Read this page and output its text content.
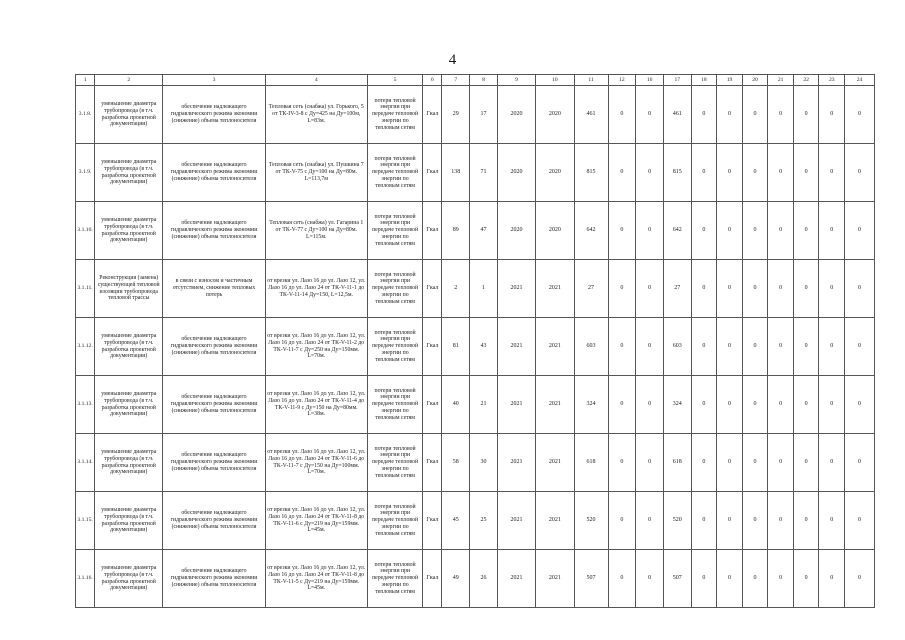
4
1	2	3	4	5	6	7	8	9	10	11	12	16	17	18	19	20	21	22	23	24
3.1.8.	уменьшение диаметра трубопровода (в т.ч. разработка проектной документации)	обеспечение надлежащего гидравлического режима экономии (снижение) объема теплоносителя	Тепловая сеть (снабжа) ул. Горького, 5 от ТК-IV-3-8 с Ду=425 на Ду=100м, L=83м.	потери тепловой энергии при передаче тепловой энергии по тепловым сетям	Гкал	29	17	2020	2020	461	0	0	461	0	0	0	0	0	0	0
3.1.9.	уменьшение диаметра трубопровода (в т.ч. разработка проектной документации)	обеспечение надлежащего гидравлического режима экономии (снижение) объема теплоносителя	Тепловая сеть (снабжа) ул. Пушкина 7 от ТК-V-75 с Ду=100 на Ду=80м. L=113,7м	потери тепловой энергии при передаче тепловой энергии по тепловым сетям	Гкал	138	71	2020	2020	815	0	0	815	0	0	0	0	0	0	0
3.1.10.	уменьшение диаметра трубопровода (в т.ч. разработка проектной документации)	обеспечение надлежащего гидравлического режима экономии (снижение) объема теплоносителя	Тепловая сеть (снабжа) ул. Гагарина 1 от ТК-V-77 с Ду=100 на Ду=80м. L=115м.	потери тепловой энергии при передаче тепловой энергии по тепловым сетям	Гкал	89	47	2020	2020	642	0	0	642	0	0	0	0	0	0	0
3.1.11.	Реконструкция (замена) существующей тепловой изоляции трубопровода тепловой трассы	в связи с износом и частичным отсутствием, снижение тепловых потерь	от врезки ул. Лазо 16 до ул. Лазо 12, ул. Лазо 16 до ул. Лазо 24 от ТК-V-11-1 до ТК-V-11-14 Ду=150, L=12,5м.	потери тепловой энергии при передаче тепловой энергии по тепловым сетям	Гкал	2	1	2021	2021	27	0	0	27	0	0	0	0	0	0	0
3.1.12.	уменьшение диаметра трубопровода (в т.ч. разработка проектной документации)	обеспечение надлежащего гидравлического режима экономии (снижение) объема теплоносителя	от врезки ул. Лазо 16 до ул. Лазо 12, ул. Лазо 16 до ул. Лазо 24 от ТК-V-11-2 до ТК-V-11-7 с Ду=250 на Ду=150мм. L=70м.	потери тепловой энергии при передаче тепловой энергии по тепловым сетям	Гкал	81	43	2021	2021	603	0	0	603	0	0	0	0	0	0	0
3.1.13.	уменьшение диаметра трубопровода (в т.ч. разработка проектной документации)	обеспечение надлежащего гидравлического режима экономии (снижение) объема теплоносителя	от врезки ул. Лазо 16 до ул. Лазо 12, ул. Лазо 16 до ул. Лазо 24 от ТК-V-11-4 до ТК-V-11-9 с Ду=150 на Ду=80мм. L=38м.	потери тепловой энергии при передаче тепловой энергии по тепловым сетям	Гкал	40	21	2021	2021	324	0	0	324	0	0	0	0	0	0	0
3.1.14.	уменьшение диаметра трубопровода (в т.ч. разработка проектной документации)	обеспечение надлежащего гидравлического режима экономии (снижение) объема теплоносителя	от врезки ул. Лазо 16 до ул. Лазо 12, ул. Лазо 16 до ул. Лазо 24 от ТК-V-11-6 до ТК-V-11-7 с Ду=150 на Ду=100мм. L=70м.	потери тепловой энергии при передаче тепловой энергии по тепловым сетям	Гкал	58	30	2021	2021	618	0	0	618	0	0	0	0	0	0	0
3.1.15.	уменьшение диаметра трубопровода (в т.ч. разработка проектной документации)	обеспечение надлежащего гидравлического режима экономии (снижение) объема теплоносителя	от врезки ул. Лазо 16 до ул. Лазо 12, ул. Лазо 16 до ул. Лазо 24 от ТК-V-11-8 до ТК-V-11-6 с Ду=219 на Ду=159мм. L=45м.	потери тепловой энергии при передаче тепловой энергии по тепловым сетям	Гкал	45	25	2021	2021	520	0	0	520	0	0	0	0	0	0	0
3.1.16.	уменьшение диаметра трубопровода (в т.ч. разработка проектной документации)	обеспечение надлежащего гидравлического режима экономии (снижение) объема теплоносителя	от врезки ул. Лазо 16 до ул. Лазо 12, ул. Лазо 16 до ул. Лазо 24 от ТК-V-11-8 до ТК-V-11-5 с Ду=219 на Ду=159мм. L=45м.	потери тепловой энергии при передаче тепловой энергии по тепловым сетям	Гкал	49	26	2021	2021	507	0	0	507	0	0	0	0	0	0	0
